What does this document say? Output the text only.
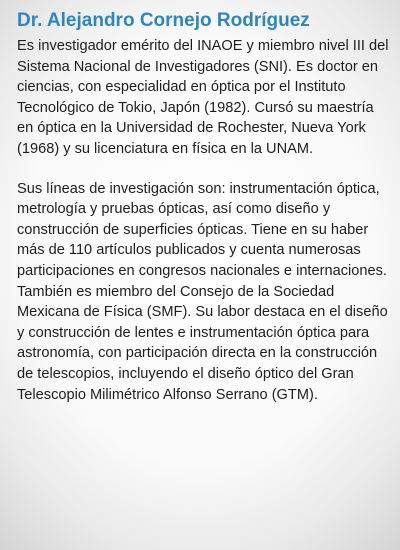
Dr. Alejandro Cornejo Rodríguez

Es investigador emérito del INAOE y miembro nivel III del Sistema Nacional de Investigadores (SNI). Es doctor en ciencias, con especialidad en óptica por el Instituto Tecnológico de Tokio, Japón (1982). Cursó su maestría en óptica en la Universidad de Rochester, Nueva York (1968) y su licenciatura en física en la UNAM.

Sus líneas de investigación son: instrumentación óptica, metrología y pruebas ópticas, así como diseño y construcción de superficies ópticas. Tiene en su haber más de 110 artículos publicados y cuenta numerosas participaciones en congresos nacionales e internaciones. También es miembro del Consejo de la Sociedad Mexicana de Física (SMF). Su labor destaca en el diseño y construcción de lentes e instrumentación óptica para astronomía, con participación directa en la construcción de telescopios, incluyendo el diseño óptico del Gran Telescopio Milimétrico Alfonso Serrano (GTM).
